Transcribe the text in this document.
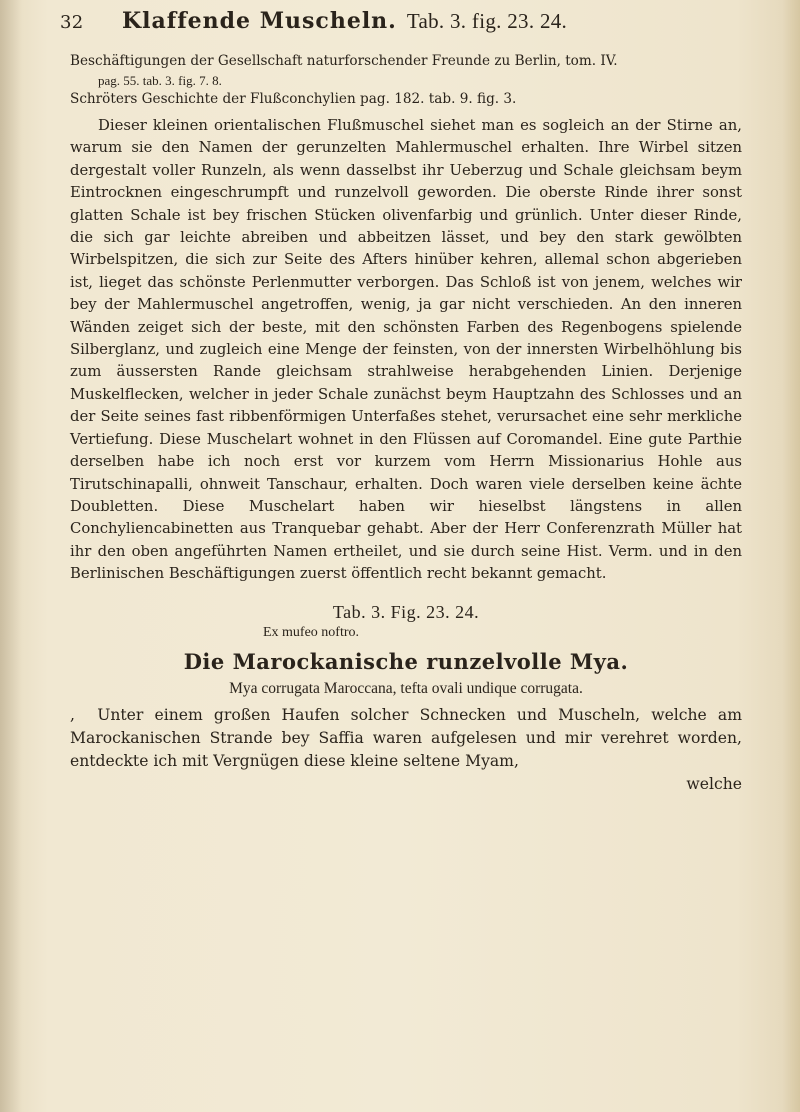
32	Klaffende Muscheln. Tab. 3. fig. 23. 24.
Beschäftigungen der Gesellschaft naturforschender Freunde zu Berlin, tom. IV.
pag. 55. tab. 3. fig. 7. 8.
Schröters Geschichte der Flußconchylien pag. 182. tab. 9. fig. 3.

Dieser kleinen orientalischen Flußmuschel siehet man es sogleich an der Stirne an, warum sie den Namen der gerunzelten Mahlermuschel erhalten. Ihre Wirbel sitzen dergestalt voller Runzeln, als wenn dasselbst ihr Ueberzug und Schale gleichsam beym Eintrocknen eingeschrumpft und runzelvoll geworden. Die oberste Rinde ihrer sonst glatten Schale ist bey frischen Stücken olivenfarbig und grünlich. Unter dieser Rinde, die sich gar leichte abreiben und abbeitzen lässet, und bey den stark gewölbten Wirbelspitzen, die sich zur Seite des Afters hinüber kehren, allemal schon abgerieben ist, lieget das schönste Perlenmutter verborgen. Das Schloß ist von jenem, welches wir bey der Mahlermuschel angetroffen, wenig, ja gar nicht verschieden. An den inneren Wänden zeiget sich der beste, mit den schönsten Farben des Regenbogens spielende Silberglanz, und zugleich eine Menge der feinsten, von der innersten Wirbelhöhlung bis zum äussersten Rande gleichsam strahlweise herabgehenden Linien. Derjenige Muskelflecken, welcher in jeder Schale zunächst beym Hauptzahn des Schlosses und an der Seite seines fast ribbenförmigen Unterfaßes stehet, verursachet eine sehr merkliche Vertiefung. Diese Muschelart wohnet in den Flüssen auf Coromandel. Eine gute Parthie derselben habe ich noch erst vor kurzem vom Herrn Missionarius Hohle aus Tirutschinapalli, ohnweit Tanschaur, erhalten. Doch waren viele derselben keine ächte Doubletten. Diese Muschelart haben wir hieselbst längstens in allen Conchyliencabinetten aus Tranquebar gehabt. Aber der Herr Conferenzrath Müller hat ihr den oben angeführten Namen ertheilet, und sie durch seine Hist. Verm. und in den Berlinischen Beschäftigungen zuerst öffentlich recht bekannt gemacht.

Tab. 3. Fig. 23. 24.
Ex mufeo noftro.
Die Marockanische runzelvolle Mya.
Mya corrugata Maroccana, tefta ovali undique corrugata.

,  Unter einem großen Haufen solcher Schnecken und Muscheln, welche am Marockanischen Strande bey Saffia waren aufgelesen und mir verehret worden, entdeckte ich mit Vergnügen diese kleine seltene Myam,

welche
